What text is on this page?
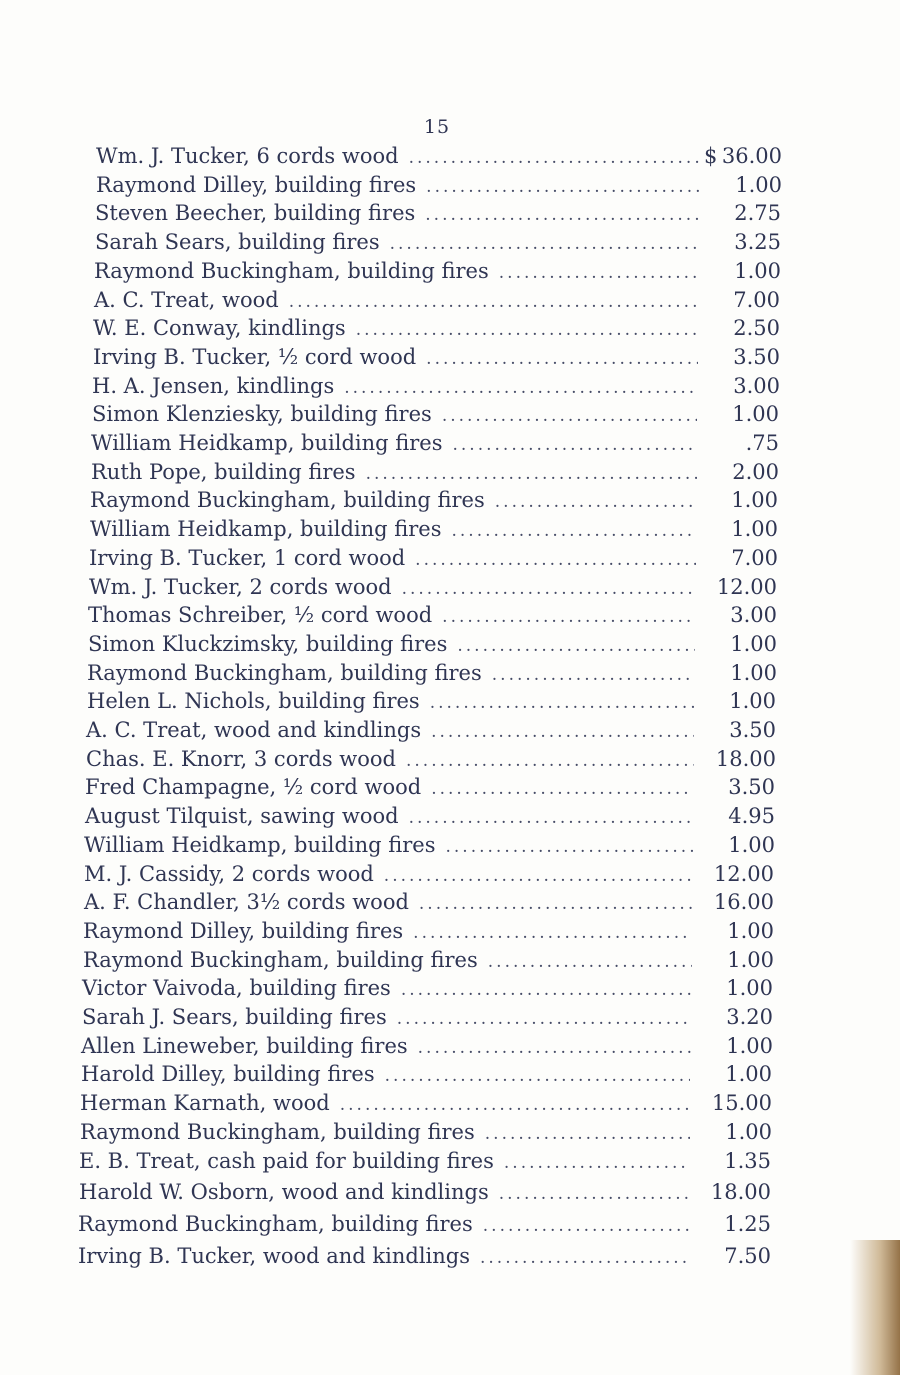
15
Wm. J. Tucker, 6 cords wood .....	$ 36.00
Raymond Dilley, building fires .....	1.00
Steven Beecher, building fires .....	2.75
Sarah Sears, building fires .....	3.25
Raymond Buckingham, building fires .....	1.00
A. C. Treat, wood .....	7.00
W. E. Conway, kindlings .....	2.50
Irving B. Tucker, ½ cord wood .....	3.50
H. A. Jensen, kindlings .....	3.00
Simon Klenziesky, building fires .....	1.00
William Heidkamp, building fires .....	.75
Ruth Pope, building fires .....	2.00
Raymond Buckingham, building fires .....	1.00
William Heidkamp, building fires .....	1.00
Irving B. Tucker, 1 cord wood .....	7.00
Wm. J. Tucker, 2 cords wood .....	12.00
Thomas Schreiber, ½ cord wood .....	3.00
Simon Kluckzimsky, building fires .....	1.00
Raymond Buckingham, building fires .....	1.00
Helen L. Nichols, building fires .....	1.00
A. C. Treat, wood and kindlings .....	3.50
Chas. E. Knorr, 3 cords wood .....	18.00
Fred Champagne, ½ cord wood .....	3.50
August Tilquist, sawing wood .....	4.95
William Heidkamp, building fires .....	1.00
M. J. Cassidy, 2 cords wood .....	12.00
A. F. Chandler, 3½ cords wood .....	16.00
Raymond Dilley, building fires .....	1.00
Raymond Buckingham, building fires .....	1.00
Victor Vaivoda, building fires .....	1.00
Sarah J. Sears, building fires .....	3.20
Allen Lineweber, building fires .....	1.00
Harold Dilley, building fires .....	1.00
Herman Karnath, wood .....	15.00
Raymond Buckingham, building fires .....	1.00
E. B. Treat, cash paid for building fires .....	1.35
Harold W. Osborn, wood and kindlings .....	18.00
Raymond Buckingham, building fires .....	1.25
Irving B. Tucker, wood and kindlings .....	7.50
